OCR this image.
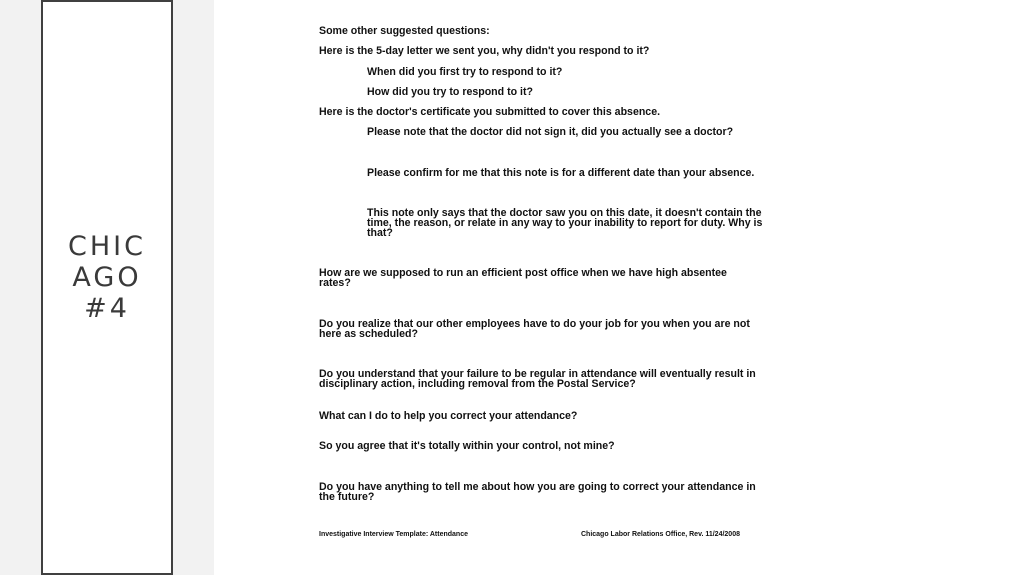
CHICAGO #4
Some other suggested questions:
Here is the 5-day letter we sent you, why didn't you respond to it?
When did you first try to respond to it?
How did you try to respond to it?
Here is the doctor's certificate you submitted to cover this absence.
Please note that the doctor did not sign it, did you actually see a doctor?
Please confirm for me that this note is for a different date than your absence.
This note only says that the doctor saw you on this date, it doesn't contain the
time, the reason, or relate in any way to your inability to report for duty. Why is
that?
How are we supposed to run an efficient post office when we have high absentee
rates?
Do you realize that our other employees have to do your job for you when you are not
here as scheduled?
Do you understand that your failure to be regular in attendance will eventually result in
disciplinary action, including removal from the Postal Service?
What can I do to help you correct your attendance?
So you agree that it's totally within your control, not mine?
Do you have anything to tell me about how you are going to correct your attendance in
the future?
Investigative Interview Template: Attendance	Chicago Labor Relations Office, Rev. 11/24/2008
